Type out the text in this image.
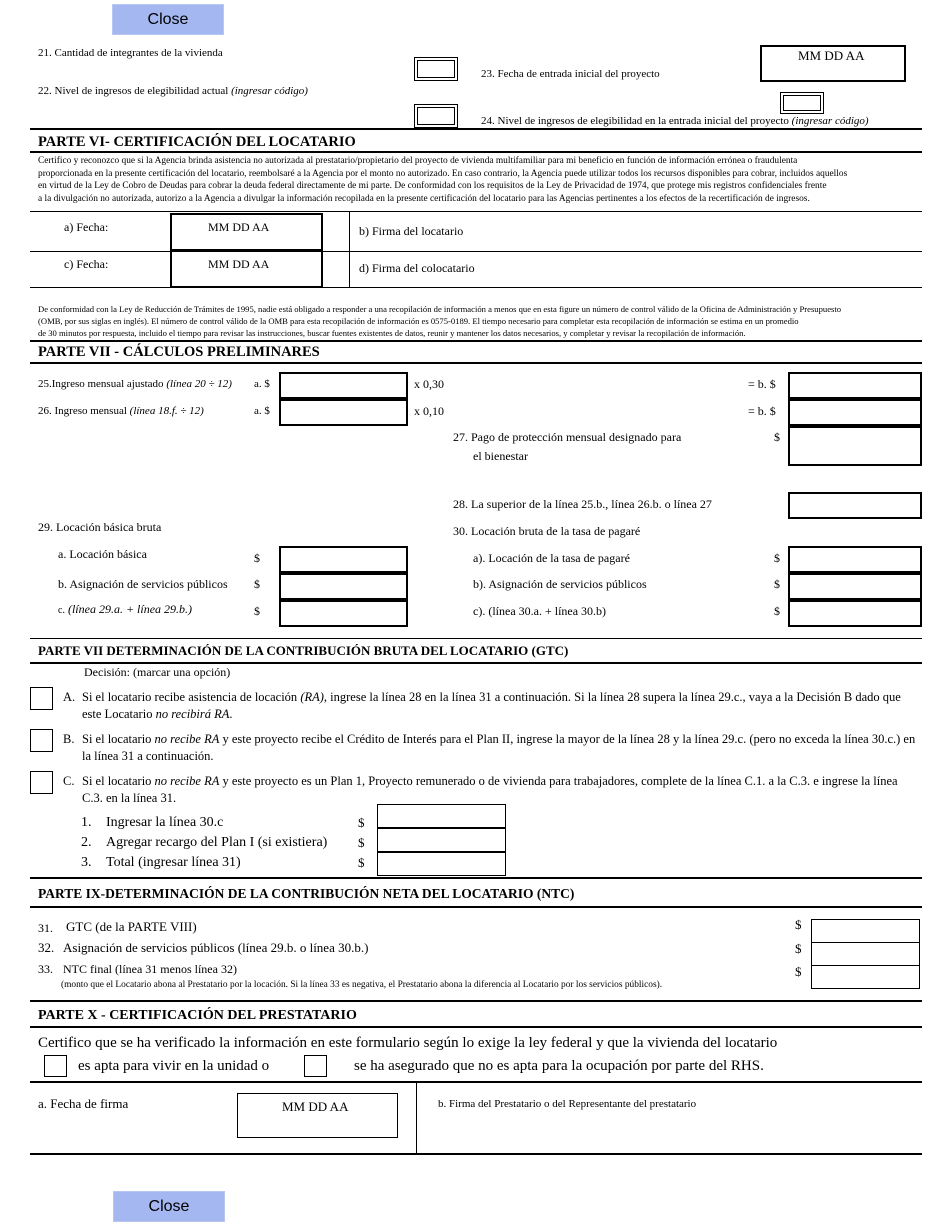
Close
21. Cantidad de integrantes de la vivienda
22. Nivel de ingresos de elegibilidad actual (ingresar código)
23. Fecha de entrada inicial del proyecto
MM DD AA
24. Nivel de ingresos de elegibilidad en la entrada inicial del proyecto (ingresar código)
PARTE VI- CERTIFICACIÓN DEL LOCATARIO
Certifico y reconozco que si la Agencia brinda asistencia no autorizada al prestatario/propietario del proyecto de vivienda multifamiliar para mi beneficio en función de información errónea o fraudulenta
proporcionada en la presente certificación del locatario, reembolsaré a la Agencia por el monto no autorizado. En caso contrario, la Agencia puede utilizar todos los recursos disponibles para cobrar, incluidos aquellos
en virtud de la Ley de Cobro de Deudas para cobrar la deuda federal directamente de mi parte. De conformidad con los requisitos de la Ley de Privacidad de 1974, que protege mis registros confidenciales frente
a la divulgación no autorizada, autorizo a la Agencia a divulgar la información recopilada en la presente certificación del locatario para las Agencias pertinentes a los efectos de la recertificación de ingresos.
a) Fecha:	MM DD AA	b) Firma del locatario
c) Fecha:	MM DD AA	d) Firma del colocatario
De conformidad con la Ley de Reducción de Trámites de 1995, nadie está obligado a responder a una recopilación de información a menos que en esta figure un número de control válido de la Oficina de Administración y Presupuesto
(OMB, por sus siglas en inglés). El número de control válido de la OMB para esta recopilación de información es 0575-0189. El tiempo necesario para completar esta recopilación de información se estima en un promedio
de 30 minutos por respuesta, incluido el tiempo para revisar las instrucciones, buscar fuentes existentes de datos, reunir y mantener los datos necesarios, y completar y revisar la recopilación de información.
PARTE VII - CÁLCULOS PRELIMINARES
25.Ingreso mensual ajustado (línea 20 ÷ 12) a. $	x 0,30	= b. $
26. Ingreso mensual (línea 18.f. ÷ 12)	a. $	x 0,10	= b. $
27. Pago de protección mensual designado para
el bienestar
$
28. La superior de la línea 25.b., línea 26.b. o línea 27
29. Locación básica bruta	30. Locación bruta de la tasa de pagaré
a. Locación básica	$	a). Locación de la tasa de pagaré	$
b. Asignación de servicios públicos $	b). Asignación de servicios públicos	$
c. (línea 29.a. + línea 29.b.)	$	c). (línea 30.a. + línea 30.b)	$
PARTE VII DETERMINACIÓN DE LA CONTRIBUCIÓN BRUTA DEL LOCATARIO (GTC)
Decisión: (marcar una opción)
A. Si el locatario recibe asistencia de locación (RA), ingrese la línea 28 en la línea 31 a continuación. Si la línea 28 supera la línea 29.c., vaya a la Decisión B dado que
este Locatario no recibirá RA.
B. Si el locatario no recibe RA y este proyecto recibe el Crédito de Interés para el Plan II, ingrese la mayor de la línea 28 y la línea 29.c. (pero no exceda la línea 30.c.) en
la línea 31 a continuación.
C. Si el locatario no recibe RA y este proyecto es un Plan 1, Proyecto remunerado o de vivienda para trabajadores, complete de la línea C.1. a la C.3. e ingrese la línea
C.3. en la línea 31.
1. Ingresar la línea 30.c	$
2. Agregar recargo del Plan I (si existiera) $
3. Total (ingresar línea 31)	$
PARTE IX-DETERMINACIÓN DE LA CONTRIBUCIÓN NETA DEL LOCATARIO (NTC)
31. GTC (de la PARTE VIII)
32. Asignación de servicios públicos (línea 29.b. o línea 30.b.)
33. NTC final (línea 31 menos línea 32)
(monto que el Locatario abona al Prestatario por la locación. Si la línea 33 es negativa, el Prestatario abona la diferencia al Locatario por los servicios públicos).
$
$
$
PARTE X - CERTIFICACIÓN DEL PRESTATARIO
Certifico que se ha verificado la información en este formulario según lo exige la ley federal y que la vivienda del locatario
es apta para vivir en la unidad o	se ha asegurado que no es apta para la ocupación por parte del RHS.
a. Fecha de firma	MM DD AA	b. Firma del Prestatario o del Representante del prestatario
Close
